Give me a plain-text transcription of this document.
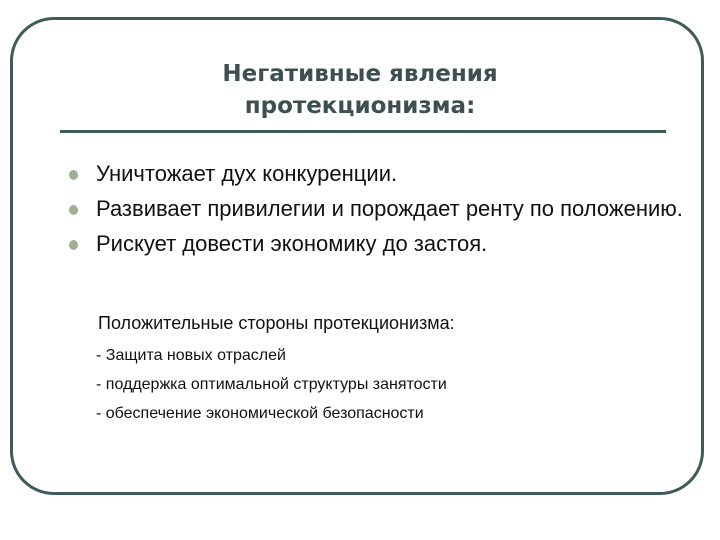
Негативные явления
протекционизма:
Уничтожает дух конкуренции.
Развивает привилегии и порождает ренту по положению.
Рискует довести экономику до застоя.
Положительные стороны протекционизма:
- Защита новых отраслей
- поддержка оптимальной структуры занятости
- обеспечение экономической безопасности
